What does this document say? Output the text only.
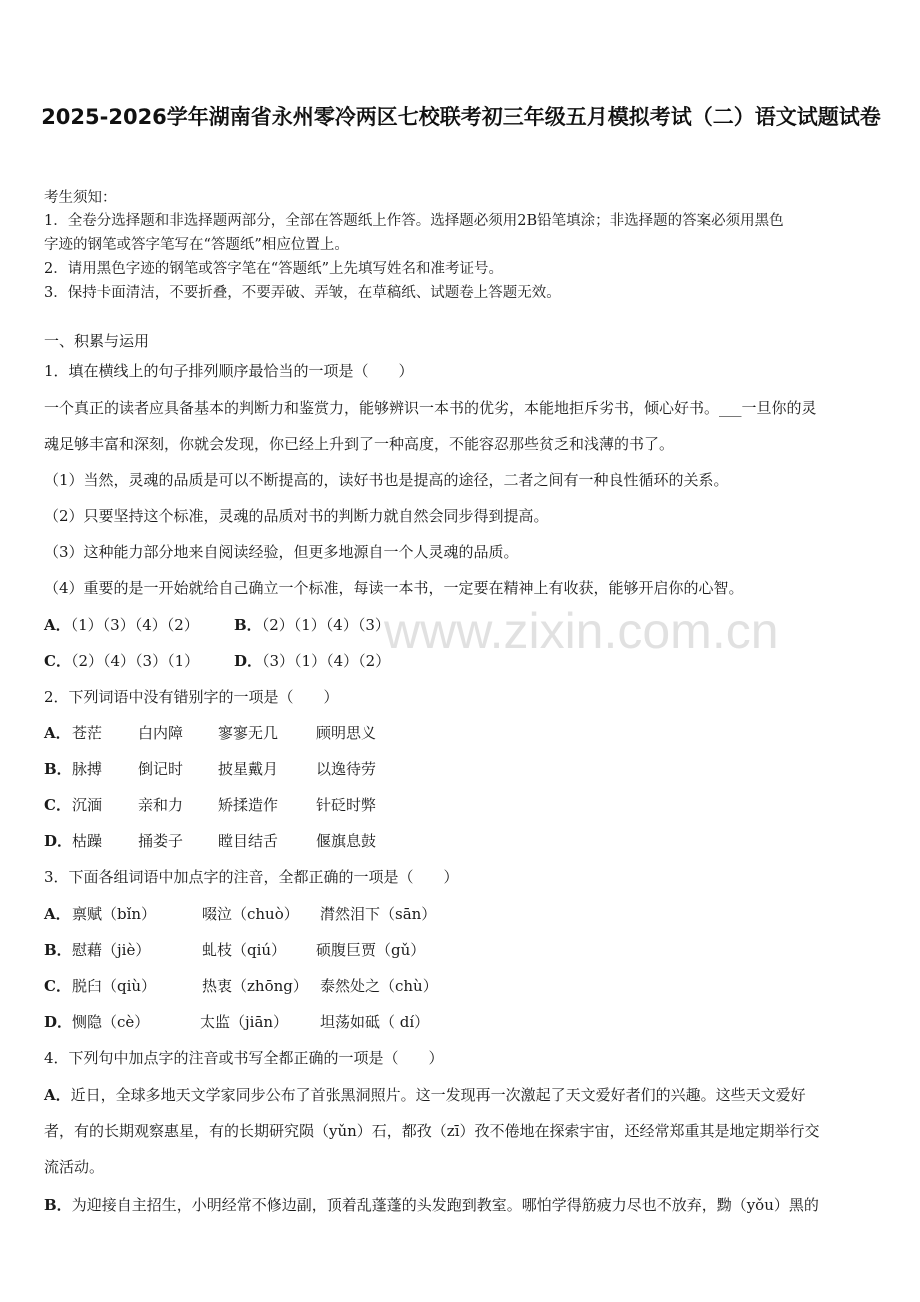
2025-2026学年湖南省永州零冷两区七校联考初三年级五月模拟考试（二）语文试题试卷
考生须知：
1．全卷分选择题和非选择题两部分，全部在答题纸上作答。选择题必须用2B铅笔填涂；非选择题的答案必须用黑色
字迹的钢笔或答字笔写在“答题纸”相应位置上。
2．请用黑色字迹的钢笔或答字笔在“答题纸”上先填写姓名和准考证号。
3．保持卡面清洁，不要折叠，不要弄破、弄皱，在草稿纸、试题卷上答题无效。
一、积累与运用
1．填在横线上的句子排列顺序最恰当的一项是（　　）
一个真正的读者应具备基本的判断力和鉴赏力，能够辨识一本书的优劣，本能地拒斥劣书，倾心好书。___一旦你的灵
魂足够丰富和深刻，你就会发现，你已经上升到了一种高度，不能容忍那些贫乏和浅薄的书了。
（1）当然，灵魂的品质是可以不断提高的，读好书也是提高的途径，二者之间有一种良性循环的关系。
（2）只要坚持这个标准，灵魂的品质对书的判断力就自然会同步得到提高。
（3）这种能力部分地来自阅读经验，但更多地源自一个人灵魂的品质。
（4）重要的是一开始就给自己确立一个标准，每读一本书，一定要在精神上有收获，能够开启你的心智。
A．（1）（3）（4）（2） B．（2）（1）（4）（3）
C．（2）（4）（3）（1） D．（3）（1）（4）（2）
2．下列词语中没有错别字的一项是（　　）
A． 苍茫 白内障 寥寥无几	顾明思义
B． 脉搏 倒记时 披星戴月	以逸待劳
C． 沉湎 亲和力 矫揉造作	针砭时弊
D． 枯躁 捅娄子 瞠目结舌	偃旗息鼓
3．下面各组词语中加点字的注音，全都正确的一项是（　　）
A． 禀赋（bǐn）	啜泣（chuò） 潸然泪下（sān）
B． 慰藉（jiè）	虬枝（qiú） 硕腹巨贾（gǔ）
C． 脱臼（qiù）	热衷（zhōng） 泰然处之（chù）
D． 恻隐（cè）	太监（jiān） 坦荡如砥（ dí）
4．下列句中加点字的注音或书写全都正确的一项是（　　）
A．近日，全球多地天文学家同步公布了首张黑洞照片。这一发现再一次激起了天文爱好者们的兴趣。这些天文爱好
者，有的长期观察惠星，有的长期研究陨（yǔn）石，都孜（zī）孜不倦地在探索宇宙，还经常郑重其是地定期举行交
流活动。
B．为迎接自主招生，小明经常不修边副，顶着乱蓬蓬的头发跑到教室。哪怕学得筋疲力尽也不放弃，黝（yǒu）黑的
www.zixin.com.cn
